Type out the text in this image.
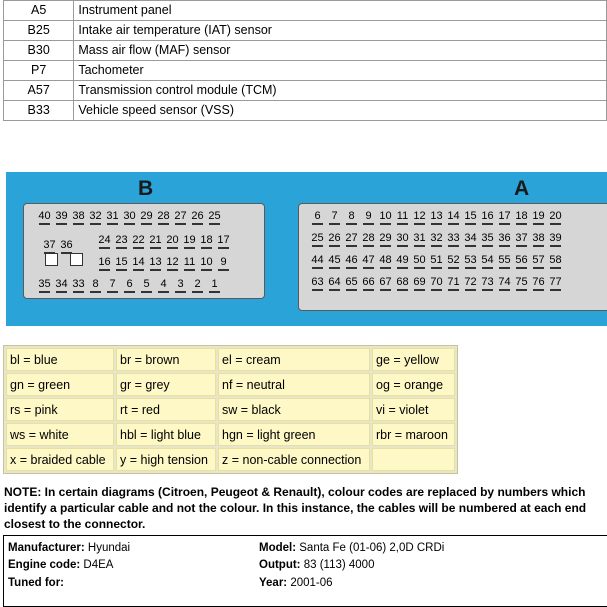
A5	Instrument panel
B25	Intake air temperature (IAT) sensor
B30	Mass air flow (MAF) sensor
P7	Tachometer
A57	Transmission control module (TCM)
B33	Vehicle speed sensor (VSS)
B	A
40 39 38 32 31 30 29 28 27 26 25
37 36 24 23 22 21 20 19 18 17
16 15 14 13 12 11 10 9
35 34 33 8 7 6 5 4 3 2 1
6 7 8 9 10 11 12 13 14 15 16 17 18 19 20
25 26 27 28 29 30 31 32 33 34 35 36 37 38 39
44 45 46 47 48 49 50 51 52 53 54 55 56 57 58
63 64 65 66 67 68 69 70 71 72 73 74 75 76 77
bl = blue	br = brown	el = cream	ge = yellow
gn = green	gr = grey	nf = neutral	og = orange
rs = pink	rt = red	sw = black	vi = violet
ws = white	hbl = light blue	hgn = light green	rbr = maroon
x = braided cable	y = high tension	z = non-cable connection	
NOTE: In certain diagrams (Citroen, Peugeot & Renault), colour codes are replaced by numbers which identify a particular cable and not the colour. In this instance, the cables will be numbered at each end closest to the connector.
Manufacturer: Hyundai
Engine code: D4EA
Tuned for:
Model: Santa Fe (01-06) 2,0D CRDi
Output: 83 (113) 4000
Year: 2001-06
